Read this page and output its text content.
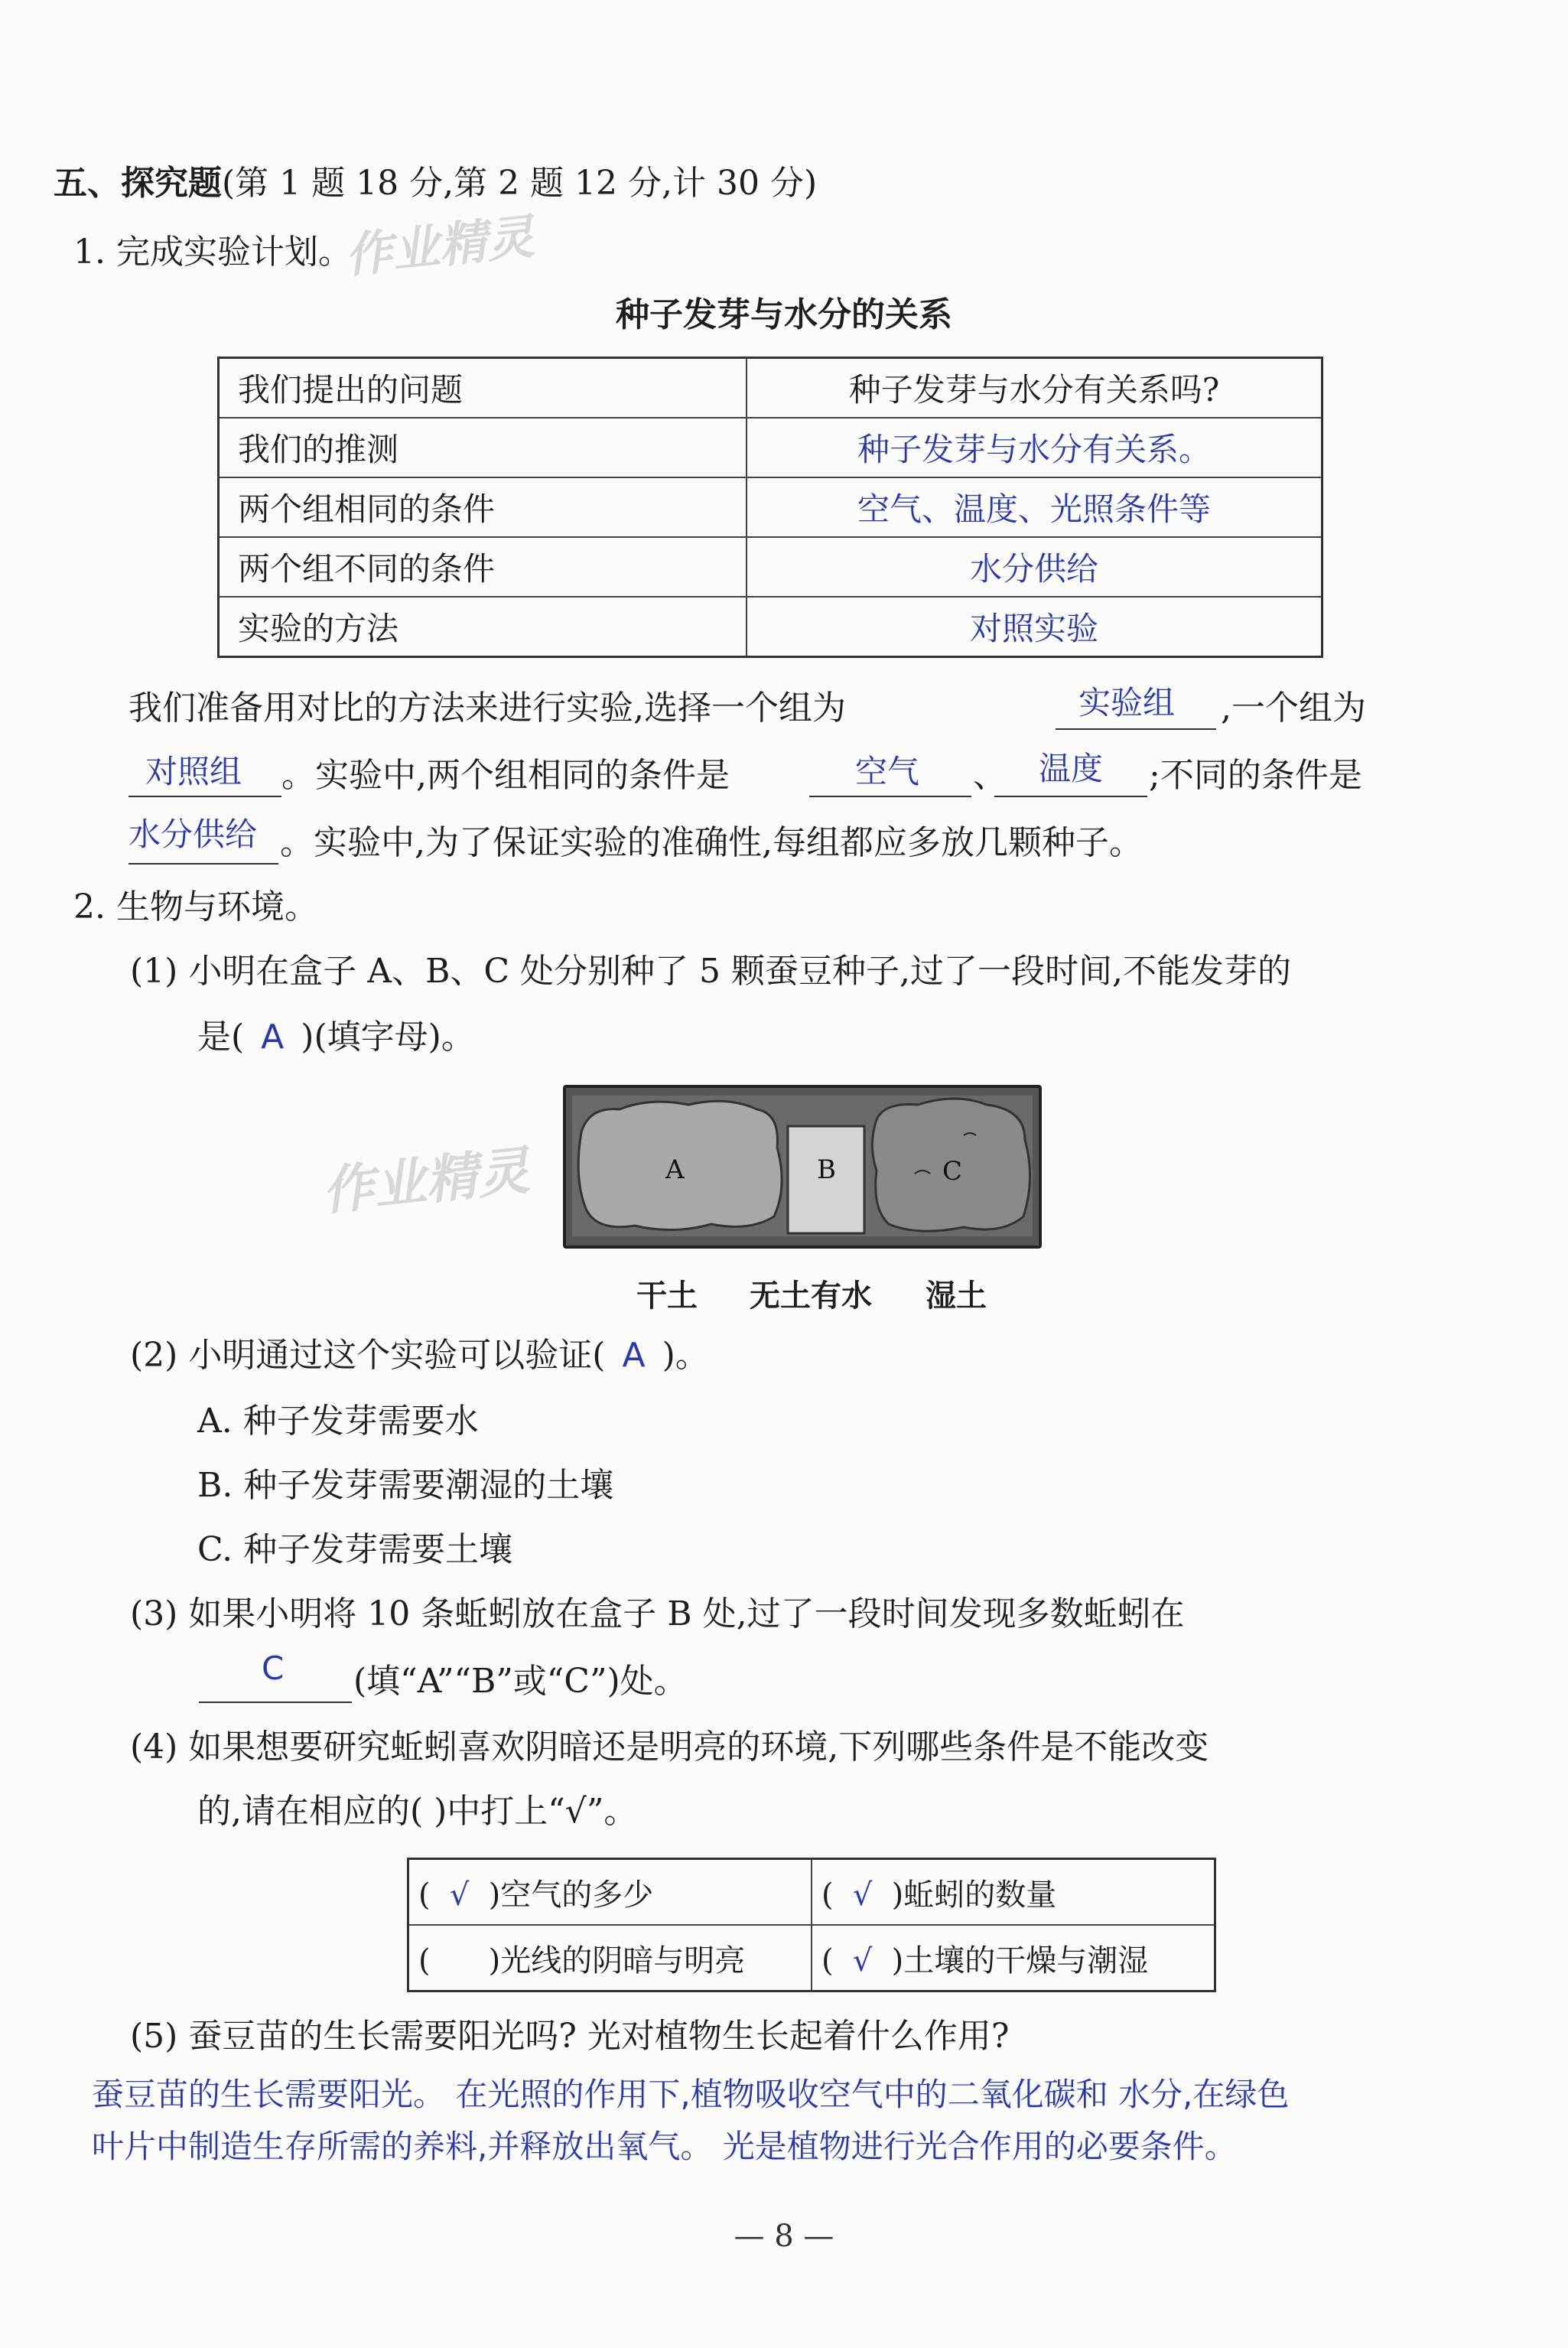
五、探究题(第 1 题 18 分,第 2 题 12 分,计 30 分)
1. 完成实验计划。
作业精灵
种子发芽与水分的关系
我们提出的问题	种子发芽与水分有关系吗?
我们的推测	种子发芽与水分有关系。
两个组相同的条件	空气、温度、光照条件等
两个组不同的条件	水分供给
实验的方法	对照实验
我们准备用对比的方法来进行实验,选择一个组为	实验组 ,一个组为
对照组 。实验中,两个组相同的条件是	空气 、 温度 ;不同的条件是
水分供给 。实验中,为了保证实验的准确性,每组都应多放几颗种子。
2. 生物与环境。
(1) 小明在盒子 A、B、C 处分别种了 5 颗蚕豆种子,过了一段时间,不能发芽的
是( A )(填字母)。
作业精灵	A	B	C
干土 无土有水 湿土
(2) 小明通过这个实验可以验证( A )。
A. 种子发芽需要水
B. 种子发芽需要潮湿的土壤
C. 种子发芽需要土壤
(3) 如果小明将 10 条蚯蚓放在盒子 B 处,过了一段时间发现多数蚯蚓在
C (填“A”“B”或“C”)处。
(4) 如果想要研究蚯蚓喜欢阴暗还是明亮的环境,下列哪些条件是不能改变
的,请在相应的( )中打上“√”。
( √ )空气的多少	( √ )蚯蚓的数量
( )光线的阴暗与明亮	( √ )土壤的干燥与潮湿
(5) 蚕豆苗的生长需要阳光吗? 光对植物生长起着什么作用?
蚕豆苗的生长需要阳光。 在光照的作用下,植物吸收空气中的二氧化碳和 水分,在绿色
叶片中制造生存所需的养料,并释放出氧气。 光是植物进行光合作用的必要条件。
— 8 —
